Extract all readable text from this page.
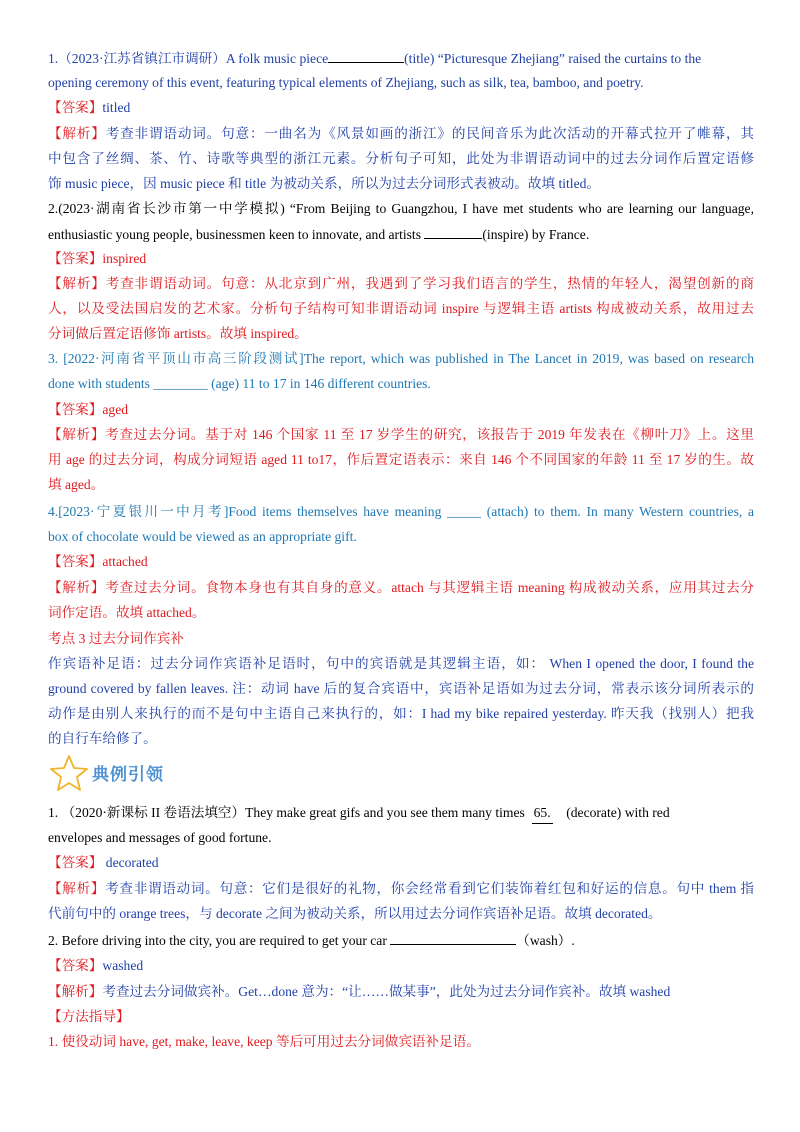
1.（2023·江苏省镇江市调研）A folk music piece	(title) “Picturesque Zhejiang” raised the curtains to the
opening ceremony of this event, featuring typical elements of Zhejiang, such as silk, tea, bamboo, and poetry.
【答案】titled
【解析】考查非谓语动词。句意：一曲名为《风景如画的浙江》的民间音乐为此次活动的开幕式拉开了帷幕，其
中包含了丝绸、茶、竹、诗歌等典型的浙江元素。分析句子可知，此处为非谓语动词中的过去分词作后置定语修
饰 music piece，因 music piece 和 title 为被动关系，所以为过去分词形式表被动。故填 titled。
2.(2023·湖南省长沙市第一中学模拟) “From Beijing to Guangzhou, I have met students who are learning our language,
enthusiastic young people, businessmen keen to innovate, and artists	(inspire) by France.
【答案】inspired
【解析】考查非谓语动词。句意：从北京到广州，我遇到了学习我们语言的学生，热情的年轻人，渴望创新的商
人，以及受法国启发的艺术家。分析句子结构可知非谓语动词 inspire 与逻辑主语 artists 构成被动关系，故用过去
分词做后置定语修饰 artists。故填 inspired。
3. [2022·河南省平顶山市高三阶段测试]The report, which was published in The Lancet in 2019, was based on research
done with students ________ (age) 11 to 17 in 146 different countries.
【答案】aged
【解析】考查过去分词。基于对 146 个国家 11 至 17 岁学生的研究，该报告于 2019 年发表在《柳叶刀》上。这里
用 age 的过去分词，构成分词短语 aged 11 to17，作后置定语表示：来自 146 个不同国家的年龄 11 至 17 岁的生。故
填 aged。
4.[2023·宁夏银川一中月考]Food items themselves have meaning _____ (attach) to them. In many Western countries, a
box of chocolate would be viewed as an appropriate gift.
【答案】attached
【解析】考查过去分词。食物本身也有其自身的意义。attach 与其逻辑主语 meaning 构成被动关系，应用其过去分
词作定语。故填 attached。
考点 3 过去分词作宾补
作宾语补足语：过去分词作宾语补足语时，句中的宾语就是其逻辑主语，如： When I opened the door, I found the
ground covered by fallen leaves. 注：动词 have 后的复合宾语中，宾语补足语如为过去分词，常表示该分词所表示的
动作是由别人来执行的而不是句中主语自己来执行的，如：I had my bike repaired yesterday. 昨天我（找别人）把我
的自行车给修了。
典例引领
1. （2020·新课标 II 卷语法填空）They make great gifs and you see them many times 65. (decorate) with red
envelopes and messages of good fortune.
【答案】 decorated
【解析】考查非谓语动词。句意：它们是很好的礼物，你会经常看到它们装饰着红包和好运的信息。句中 them 指
代前句中的 orange trees，与 decorate 之间为被动关系，所以用过去分词作宾语补足语。故填 decorated。
2. Before driving into the city, you are required to get your car	（wash）.
【答案】washed
【解析】考查过去分词做宾补。Get…done 意为：“让……做某事”，此处为过去分词作宾补。故填 washed
【方法指导】
1. 使役动词 have, get, make, leave, keep 等后可用过去分词做宾语补足语。
